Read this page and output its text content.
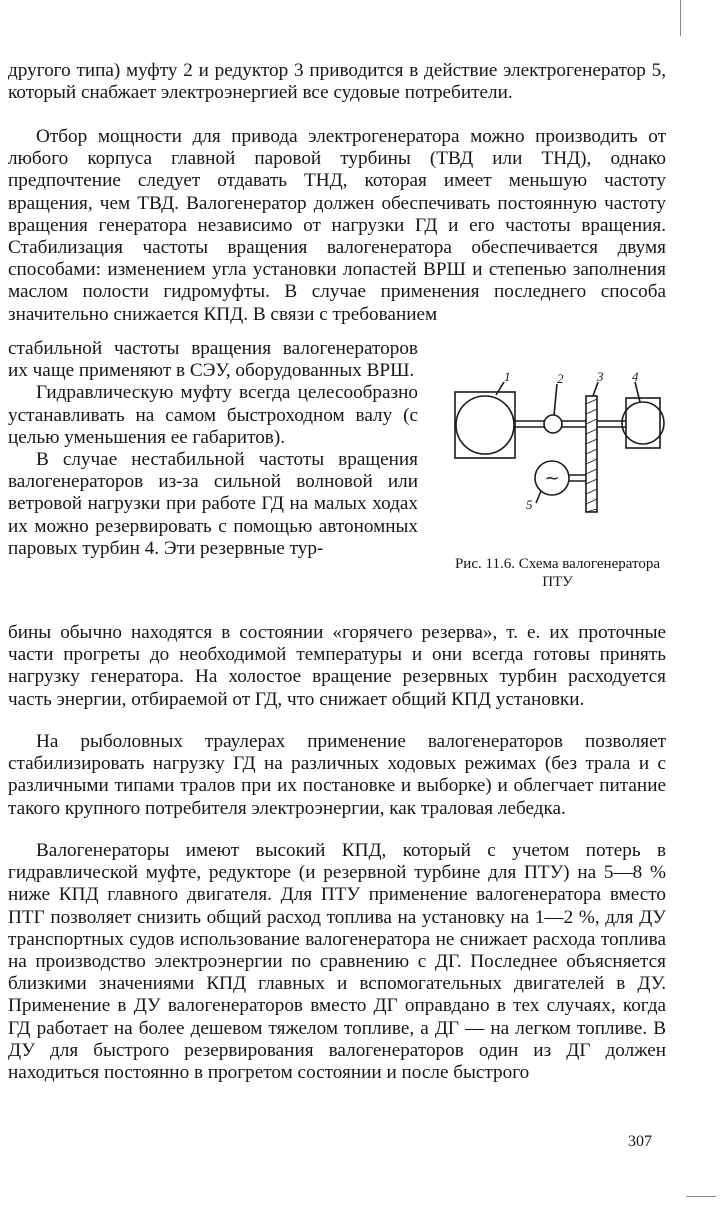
другого типа) муфту 2 и редуктор 3 приводится в действие электрогенератор 5, который снабжает электроэнергией все судовые потребители.

Отбор мощности для привода электрогенератора можно производить от любого корпуса главной паровой турбины (ТВД или ТНД), однако предпочтение следует отдавать ТНД, которая имеет меньшую частоту вращения, чем ТВД. Валогенератор должен обеспечивать постоянную частоту вращения генератора независимо от нагрузки ГД и его частоты вращения. Стабилизация частоты вращения валогенератора обеспечивается двумя способами: изменением угла установки лопастей ВРШ и степенью заполнения маслом полости гидромуфты. В случае применения последнего способа значительно снижается КПД. В связи с требованием

стабильной частоты вращения валогенераторов их чаще применяют в СЭУ, оборудованных ВРШ.

Гидравлическую муфту всегда целесообразно устанавливать на самом быстроходном валу (с целью уменьшения ее габаритов).

В случае нестабильной частоты вращения валогенераторов из-за сильной волновой или ветровой нагрузки при работе ГД на малых ходах их можно резервировать с помощью автономных паровых турбин 4. Эти резервные тур-

бины обычно находятся в состоянии «горячего резерва», т. е. их проточные части прогреты до необходимой температуры и они всегда готовы принять нагрузку генератора. На холостое вращение резервных турбин расходуется часть энергии, отбираемой от ГД, что снижает общий КПД установки.

На рыболовных траулерах применение валогенераторов позволяет стабилизировать нагрузку ГД на различных ходовых режимах (без трала и с различными типами тралов при их постановке и выборке) и облегчает питание такого крупного потребителя электроэнергии, как траловая лебедка.

Валогенераторы имеют высокий КПД, который с учетом потерь в гидравлической муфте, редукторе (и резервной турбине для ПТУ) на 5—8 % ниже КПД главного двигателя. Для ПТУ применение валогенератора вместо ПТГ позволяет снизить общий расход топлива на установку на 1—2 %, для ДУ транспортных судов использование валогенератора не снижает расхода топлива на производство электроэнергии по сравнению с ДГ. Последнее объясняется близкими значениями КПД главных и вспомогательных двигателей в ДУ. Применение в ДУ валогенераторов вместо ДГ оправдано в тех случаях, когда ГД работает на более дешевом тяжелом топливе, а ДГ — на легком топливе. В ДУ для быстрого резервирования валогенераторов один из ДГ должен находиться постоянно в прогретом состоянии и после быстрого

1	2	3 4
5
~
Рис. 11.6. Схема валогенератора ПТУ
307
